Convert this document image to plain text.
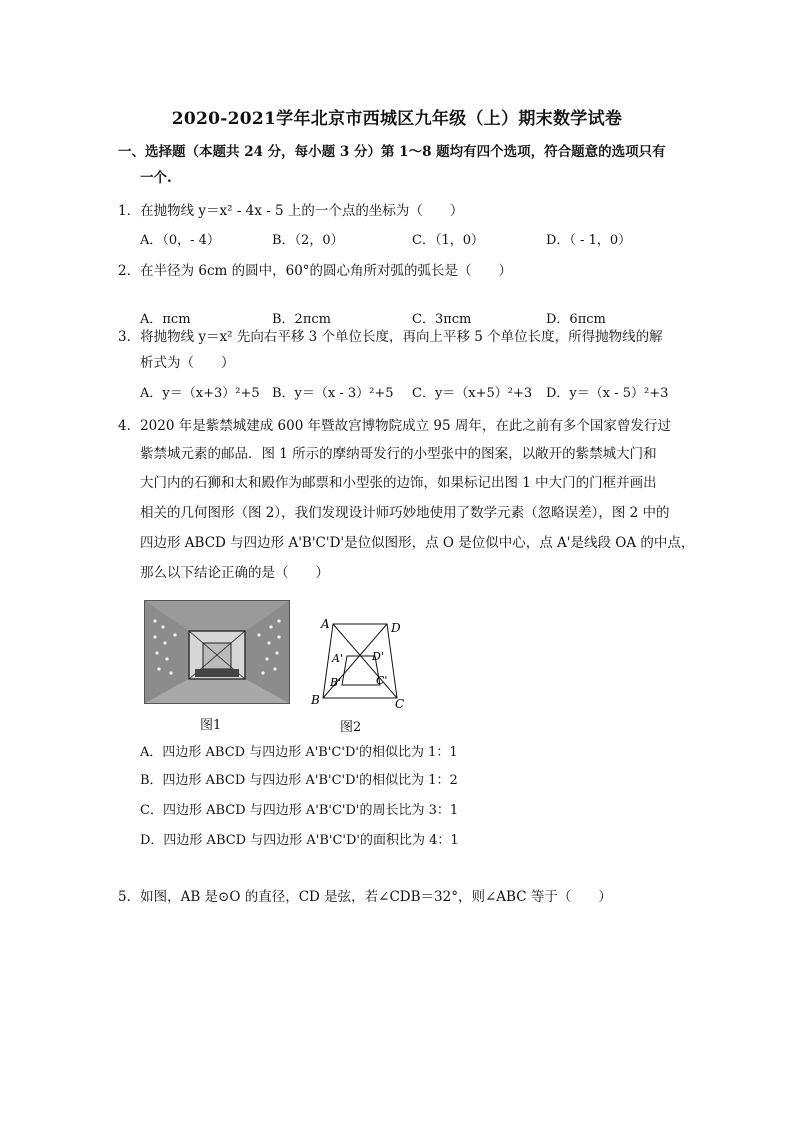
2020-2021学年北京市西城区九年级（上）期末数学试卷
一、选择题（本题共 24 分，每小题 3 分）第 1～8 题均有四个选项，符合题意的选项只有
一个.
1．在抛物线 y＝x² - 4x - 5 上的一个点的坐标为（　　）
A．（0，- 4）	B．（2，0）	C．（1，0）	D．（ - 1，0）
2．在半径为 6cm 的圆中，60°的圆心角所对弧的弧长是（　　）
A．πcm	B．2πcm	C．3πcm	D．6πcm
3．将抛物线 y＝x² 先向右平移 3 个单位长度，再向上平移 5 个单位长度，所得抛物线的解
析式为（　　）
A．y＝（x+3）²+5 B．y＝（x - 3）²+5 C．y＝（x+5）²+3 D．y＝（x - 5）²+3
4．2020 年是紫禁城建成 600 年暨故宫博物院成立 95 周年，在此之前有多个国家曾发行过
紫禁城元素的邮品．图 1 所示的摩纳哥发行的小型张中的图案，以敞开的紫禁城大门和
大门内的石狮和太和殿作为邮票和小型张的边饰，如果标记出图 1 中大门的门框并画出
相关的几何图形（图 2），我们发现设计师巧妙地使用了数学元素（忽略误差），图 2 中的
四边形 ABCD 与四边形 A'B'C'D'是位似图形，点 O 是位似中心，点 A'是线段 OA 的中点，
那么以下结论正确的是（　　）
图1
A	D
B	C
A'	D'
B'	C'
图2
A．四边形 ABCD 与四边形 A'B'C'D'的相似比为 1：1
B．四边形 ABCD 与四边形 A'B'C'D'的相似比为 1：2
C．四边形 ABCD 与四边形 A'B'C'D'的周长比为 3：1
D．四边形 ABCD 与四边形 A'B'C'D'的面积比为 4：1
5．如图，AB 是⊙O 的直径，CD 是弦，若∠CDB＝32°，则∠ABC 等于（　　）
